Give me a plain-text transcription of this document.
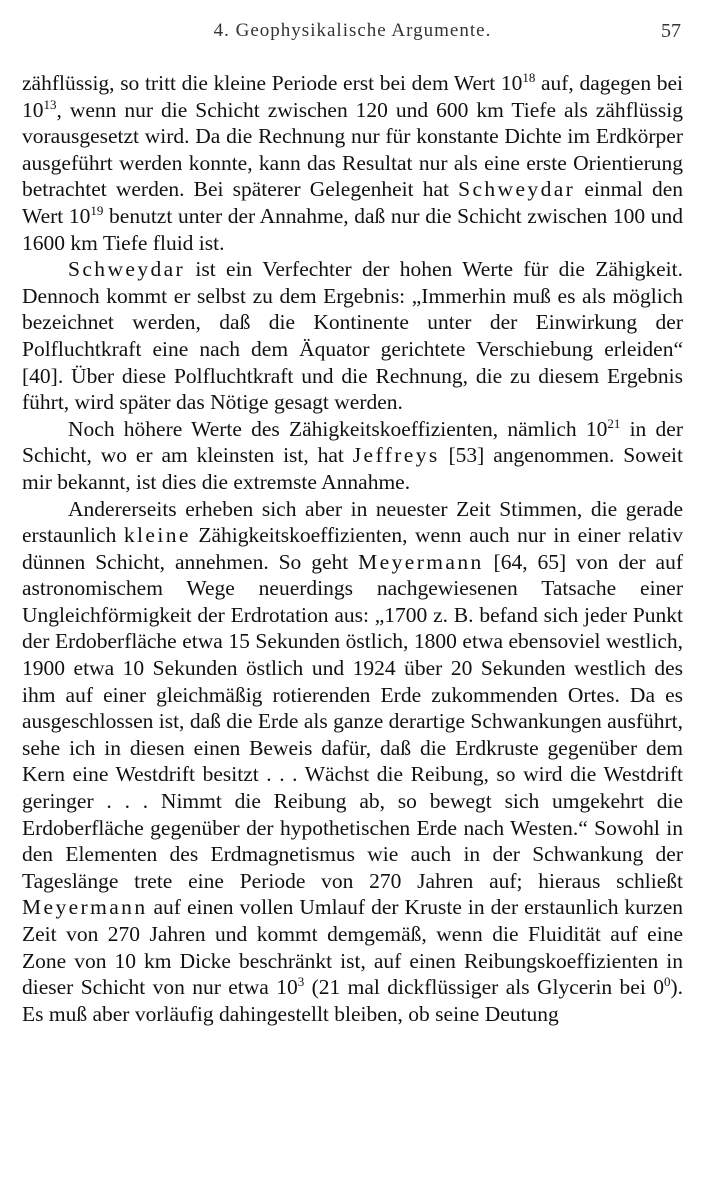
4. Geophysikalische Argumente.	57

zähflüssig, so tritt die kleine Periode erst bei dem Wert $10^{18}$ auf, dagegen bei $10^{13}$, wenn nur die Schicht zwischen 120 und 600 km Tiefe als zähflüssig vorausgesetzt wird. Da die Rechnung nur für konstante Dichte im Erdkörper ausgeführt werden konnte, kann das Resultat nur als eine erste Orientierung betrachtet werden. Bei späterer Gelegenheit hat Schweydar einmal den Wert $10^{19}$ benutzt unter der Annahme, daß nur die Schicht zwischen 100 und 1600 km Tiefe fluid ist.

Schweydar ist ein Verfechter der hohen Werte für die Zähigkeit. Dennoch kommt er selbst zu dem Ergebnis: „Immerhin muß es als möglich bezeichnet werden, daß die Kontinente unter der Einwirkung der Polfluchtkraft eine nach dem Äquator gerichtete Verschiebung erleiden“ [40]. Über diese Polfluchtkraft und die Rechnung, die zu diesem Ergebnis führt, wird später das Nötige gesagt werden.

Noch höhere Werte des Zähigkeitskoeffizienten, nämlich $10^{21}$ in der Schicht, wo er am kleinsten ist, hat Jeffreys [53] angenommen. Soweit mir bekannt, ist dies die extremste Annahme.

Andererseits erheben sich aber in neuester Zeit Stimmen, die gerade erstaunlich kleine Zähigkeitskoeffizienten, wenn auch nur in einer relativ dünnen Schicht, annehmen. So geht Meyermann [64, 65] von der auf astronomischem Wege neuerdings nachgewiesenen Tatsache einer Ungleichförmigkeit der Erdrotation aus: „1700 z. B. befand sich jeder Punkt der Erdoberfläche etwa 15 Sekunden östlich, 1800 etwa ebensoviel westlich, 1900 etwa 10 Sekunden östlich und 1924 über 20 Sekunden westlich des ihm auf einer gleichmäßig rotierenden Erde zukommenden Ortes. Da es ausgeschlossen ist, daß die Erde als ganze derartige Schwankungen ausführt, sehe ich in diesen einen Beweis dafür, daß die Erdkruste gegenüber dem Kern eine Westdrift besitzt . . . Wächst die Reibung, so wird die Westdrift geringer . . . Nimmt die Reibung ab, so bewegt sich umgekehrt die Erdoberfläche gegenüber der hypothetischen Erde nach Westen.“ Sowohl in den Elementen des Erdmagnetismus wie auch in der Schwankung der Tageslänge trete eine Periode von 270 Jahren auf; hieraus schließt Meyermann auf einen vollen Umlauf der Kruste in der erstaunlich kurzen Zeit von 270 Jahren und kommt demgemäß, wenn die Fluidität auf eine Zone von 10 km Dicke beschränkt ist, auf einen Reibungskoeffizienten in dieser Schicht von nur etwa $10^3$ (21 mal dickflüssiger als Glycerin bei $0^0$). Es muß aber vorläufig dahingestellt bleiben, ob seine Deutung
